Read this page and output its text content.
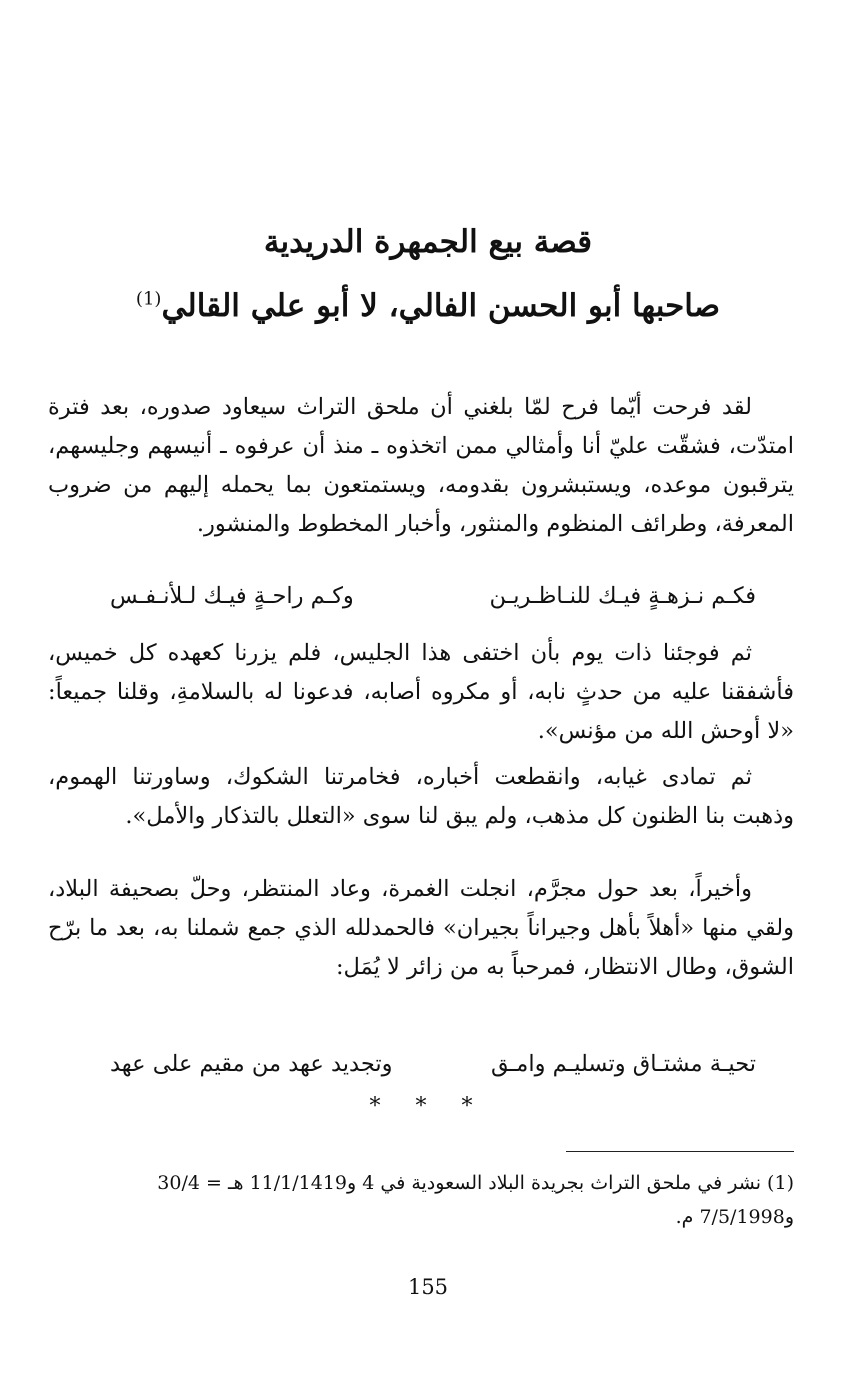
قصة بيع الجمهرة الدريدية
صاحبها أبو الحسن الفالي، لا أبو علي القالي$^{(1)}$

لقد فرحت أيّما فرح لمّا بلغني أن ملحق التراث سيعاود صدوره، بعد فترة امتدّت، فشقّت عليّ أنا وأمثالي ممن اتخذوه ـ منذ أن عرفوه ـ أنيسهم وجليسهم، يترقبون موعده، ويستبشرون بقدومه، ويستمتعون بما يحمله إليهم من ضروب المعرفة، وطرائف المنظوم والمنثور، وأخبار المخطوط والمنشور.

فكـم نـزهـةٍ فيـك للنـاظـريـن
وكـم راحـةٍ فيـك لـلأنـفـس

ثم فوجئنا ذات يوم بأن اختفى هذا الجليس، فلم يزرنا كعهده كل خميس، فأشفقنا عليه من حدثٍ نابه، أو مكروه أصابه، فدعونا له بالسلامةِ، وقلنا جميعاً: «لا أوحش الله من مؤنس».

ثم تمادى غيابه، وانقطعت أخباره، فخامرتنا الشكوك، وساورتنا الهموم، وذهبت بنا الظنون كل مذهب، ولم يبق لنا سوى «التعلل بالتذكار والأمل».

وأخيراً، بعد حول مجرَّم، انجلت الغمرة، وعاد المنتظر، وحلّ بصحيفة البلاد، ولقي منها «أهلاً بأهل وجيراناً بجيران» فالحمدلله الذي جمع شملنا به، بعد ما برّح الشوق، وطال الانتظار، فمرحباً به من زائر لا يُمَل:

تحيـة مشتـاق وتسليـم وامـق
وتجديد عهد من مقيم على عهد
* * *

(1) نشر في ملحق التراث بجريدة البلاد السعودية في 4 و11/1/1419 هـ = 30/4

و7/5/1998 م.

155
